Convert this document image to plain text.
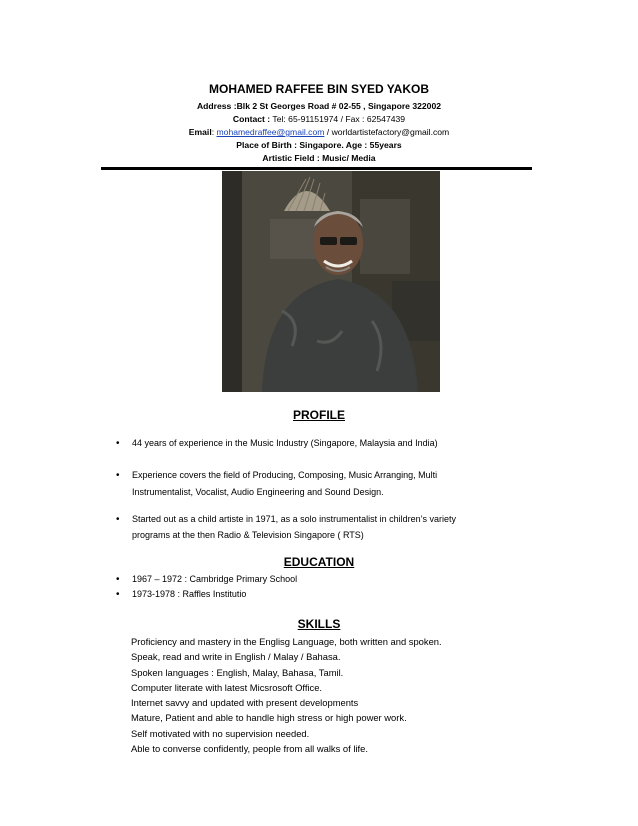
MOHAMED RAFFEE BIN SYED YAKOB
Address :Blk 2 St Georges Road # 02-55 , Singapore 322002
Contact : Tel: 65-91151974 / Fax : 62547439
Email: mohamedraffee@gmail.com / worldartistefactory@gmail.com
Place of Birth : Singapore. Age : 55years
Artistic Field : Music/ Media
PROFILE
• 44 years of experience in the Music Industry (Singapore, Malaysia and India)
• Experience covers the field of Producing, Composing, Music Arranging, Multi
Instrumentalist, Vocalist, Audio Engineering and Sound Design.
• Started out as a child artiste in 1971, as a solo instrumentalist in children’s variety
programs at the then Radio & Television Singapore ( RTS)
EDUCATION
• 1967 – 1972 : Cambridge Primary School
• 1973-1978 : Raffles Institutio
SKILLS
Proficiency and mastery in the Englisg Language, both written and spoken.
Speak, read and write in English / Malay / Bahasa.
Spoken languages : English, Malay, Bahasa, Tamil.
Computer literate with latest Micsrosoft Office.
Internet savvy and updated with present developments
Mature, Patient and able to handle high stress or high power work.
Self motivated with no supervision needed.
Able to converse confidently, people from all walks of life.
